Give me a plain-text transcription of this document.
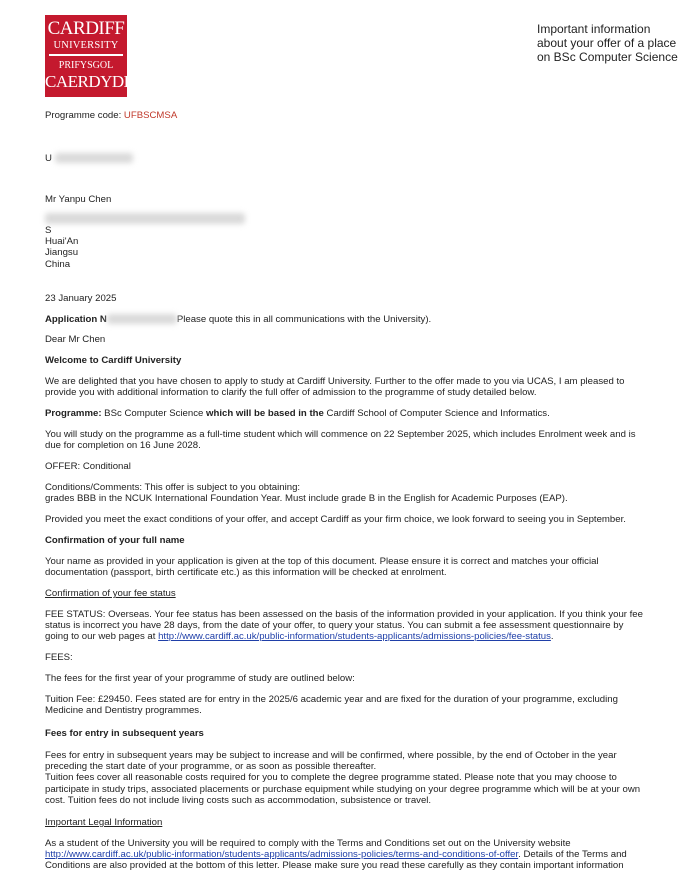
CARDIFF
UNIVERSITY
PRIFYSGOL
CAERDYDD
Important information about your offer of a place on BSc Computer Science
Programme code: UFBSCMSA
U
Mr Yanpu Chen
S
Huai'An
Jiangsu
China
23 January 2025
Application N	Please quote this in all communications with the University).
Dear Mr Chen
Welcome to Cardiff University
We are delighted that you have chosen to apply to study at Cardiff University. Further to the offer made to you via UCAS, I am pleased to
provide you with additional information to clarify the full offer of admission to the programme of study detailed below.
Programme: BSc Computer Science which will be based in the Cardiff School of Computer Science and Informatics.
You will study on the programme as a full-time student which will commence on 22 September 2025, which includes Enrolment week and is
due for completion on 16 June 2028.
OFFER: Conditional
Conditions/Comments: This offer is subject to you obtaining:
grades BBB in the NCUK International Foundation Year. Must include grade B in the English for Academic Purposes (EAP).
Provided you meet the exact conditions of your offer, and accept Cardiff as your firm choice, we look forward to seeing you in September.
Confirmation of your full name
Your name as provided in your application is given at the top of this document. Please ensure it is correct and matches your official
documentation (passport, birth certificate etc.) as this information will be checked at enrolment.
Confirmation of your fee status
FEE STATUS: Overseas. Your fee status has been assessed on the basis of the information provided in your application. If you think your fee
status is incorrect you have 28 days, from the date of your offer, to query your status. You can submit a fee assessment questionnaire by
going to our web pages at http://www.cardiff.ac.uk/public-information/students-applicants/admissions-policies/fee-status.
FEES:
The fees for the first year of your programme of study are outlined below:
Tuition Fee: £29450. Fees stated are for entry in the 2025/6 academic year and are fixed for the duration of your programme, excluding
Medicine and Dentistry programmes.
Fees for entry in subsequent years
Fees for entry in subsequent years may be subject to increase and will be confirmed, where possible, by the end of October in the year
preceding the start date of your programme, or as soon as possible thereafter.
Tuition fees cover all reasonable costs required for you to complete the degree programme stated. Please note that you may choose to
participate in study trips, associated placements or purchase equipment while studying on your degree programme which will be at your own
cost. Tuition fees do not include living costs such as accommodation, subsistence or travel.
Important Legal Information
As a student of the University you will be required to comply with the Terms and Conditions set out on the University website
http://www.cardiff.ac.uk/public-information/students-applicants/admissions-policies/terms-and-conditions-of-offer. Details of the Terms and
Conditions are also provided at the bottom of this letter. Please make sure you read these carefully as they contain important information
